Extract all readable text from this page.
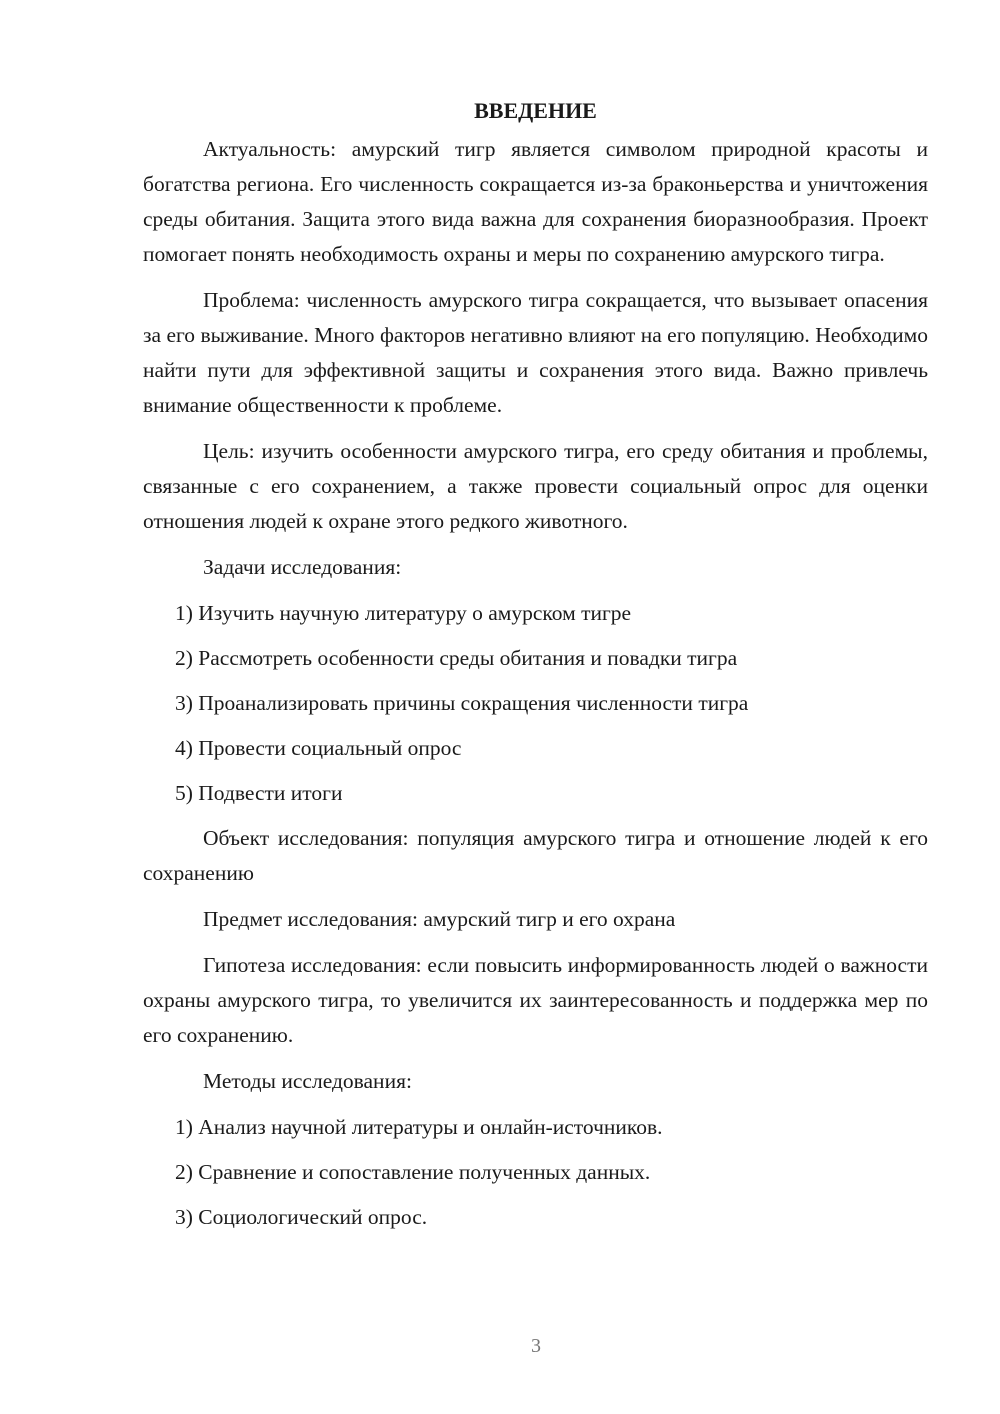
ВВЕДЕНИЕ

Актуальность: амурский тигр является символом природной красоты и богатства региона. Его численность сокращается из-за браконьерства и уничтожения среды обитания. Защита этого вида важна для сохранения биоразнообразия. Проект помогает понять необходимость охраны и меры по сохранению амурского тигра.

Проблема: численность амурского тигра сокращается, что вызывает опасения за его выживание. Много факторов негативно влияют на его популяцию. Необходимо найти пути для эффективной защиты и сохранения этого вида. Важно привлечь внимание общественности к проблеме.

Цель: изучить особенности амурского тигра, его среду обитания и проблемы, связанные с его сохранением, а также провести социальный опрос для оценки отношения людей к охране этого редкого животного.

Задачи исследования:

1) Изучить научную литературу о амурском тигре
2) Рассмотреть особенности среды обитания и повадки тигра
3) Проанализировать причины сокращения численности тигра
4) Провести социальный опрос
5) Подвести итоги

Объект исследования: популяция амурского тигра и отношение людей к его сохранению

Предмет исследования: амурский тигр и его охрана

Гипотеза исследования: если повысить информированность людей о важности охраны амурского тигра, то увеличится их заинтересованность и поддержка мер по его сохранению.

Методы исследования:

1) Анализ научной литературы и онлайн-источников.
2) Сравнение и сопоставление полученных данных.
3) Социологический опрос.
3
